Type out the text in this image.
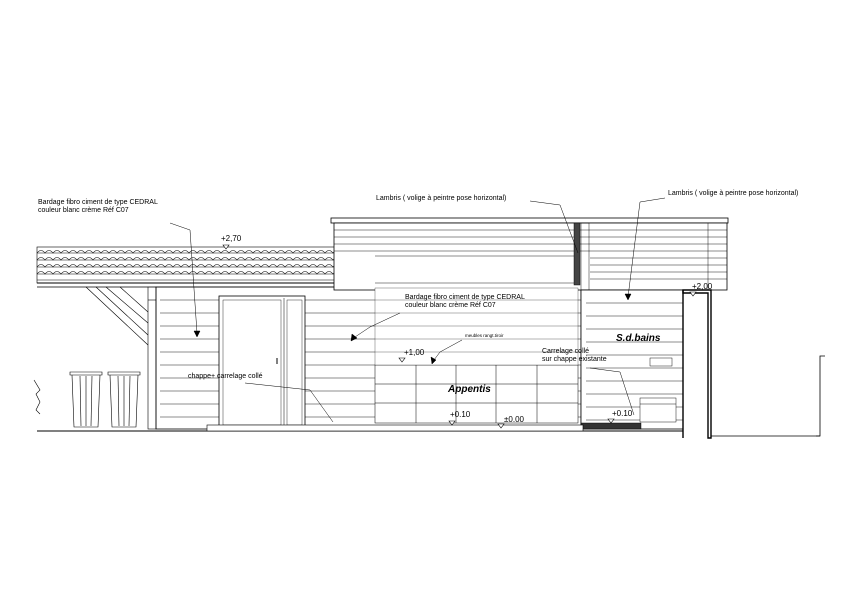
Bardage fibro ciment de type CEDRAL
couleur blanc crème Réf C07
Lambris ( volige à peintre pose horizontal)
Lambris ( volige à peintre pose horizontal)
Bardage fibro ciment de type CEDRAL
couleur blanc crème Réf C07
chappe+ carrelage collé
meubles rangt.tiroir
Carrelage collé
sur chappe existante
+2,70
+2,00
+1,00
+0.10
±0.00
+0.10
Appentis
S.d.bains
